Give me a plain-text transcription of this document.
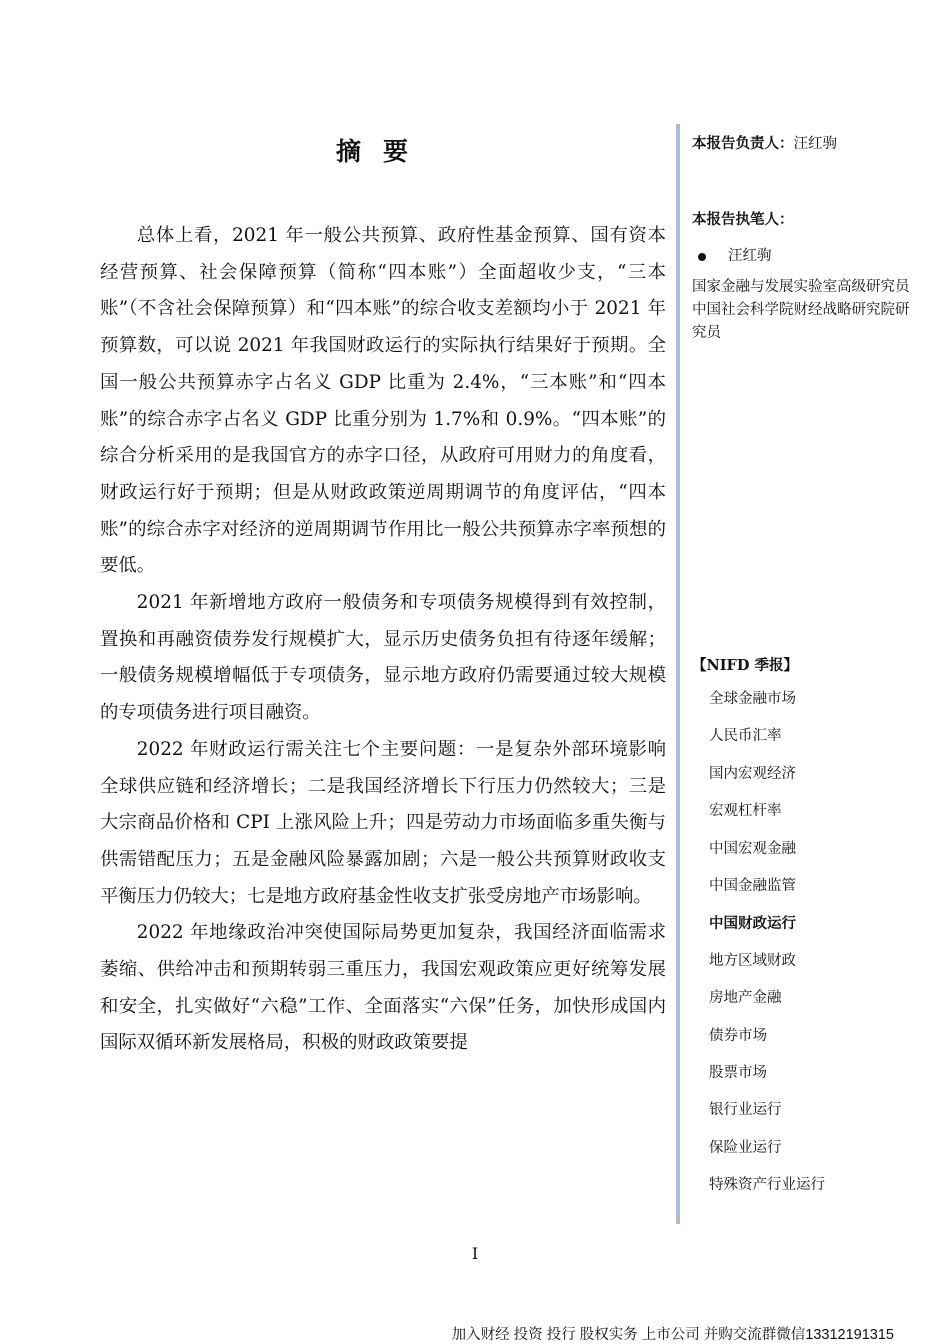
摘要

总体上看，2021 年一般公共预算、政府性基金预算、国有资本经营预算、社会保障预算（简称“四本账”）全面超收少支，“三本账”（不含社会保障预算）和“四本账”的综合收支差额均小于 2021 年预算数，可以说 2021 年我国财政运行的实际执行结果好于预期。全国一般公共预算赤字占名义 GDP 比重为 2.4%，“三本账”和“四本账”的综合赤字占名义 GDP 比重分别为 1.7%和 0.9%。“四本账”的综合分析采用的是我国官方的赤字口径，从政府可用财力的角度看，财政运行好于预期；但是从财政政策逆周期调节的角度评估，“四本账”的综合赤字对经济的逆周期调节作用比一般公共预算赤字率预想的要低。

2021 年新增地方政府一般债务和专项债务规模得到有效控制，置换和再融资债券发行规模扩大，显示历史债务负担有待逐年缓解；一般债务规模增幅低于专项债务，显示地方政府仍需要通过较大规模的专项债务进行项目融资。

2022 年财政运行需关注七个主要问题：一是复杂外部环境影响全球供应链和经济增长；二是我国经济增长下行压力仍然较大；三是大宗商品价格和 CPI 上涨风险上升；四是劳动力市场面临多重失衡与供需错配压力；五是金融风险暴露加剧；六是一般公共预算财政收支平衡压力仍较大；七是地方政府基金性收支扩张受房地产市场影响。

2022 年地缘政治冲突使国际局势更加复杂，我国经济面临需求萎缩、供给冲击和预期转弱三重压力，我国宏观政策应更好统筹发展和安全，扎实做好“六稳”工作、全面落实“六保”任务，加快形成国内国际双循环新发展格局，积极的财政政策要提

本报告负责人：汪红驹
本报告执笔人：
汪红驹
国家金融与发展实验室高级研究员
中国社会科学院财经战略研究院研究员
【NIFD 季报】
全球金融市场
人民币汇率
国内宏观经济
宏观杠杆率
中国宏观金融
中国金融监管
中国财政运行
地方区域财政
房地产金融
债券市场
股票市场
银行业运行
保险业运行
特殊资产行业运行
I
加入财经 投资 投行 股权实务 上市公司 并购交流群微信13312191315
